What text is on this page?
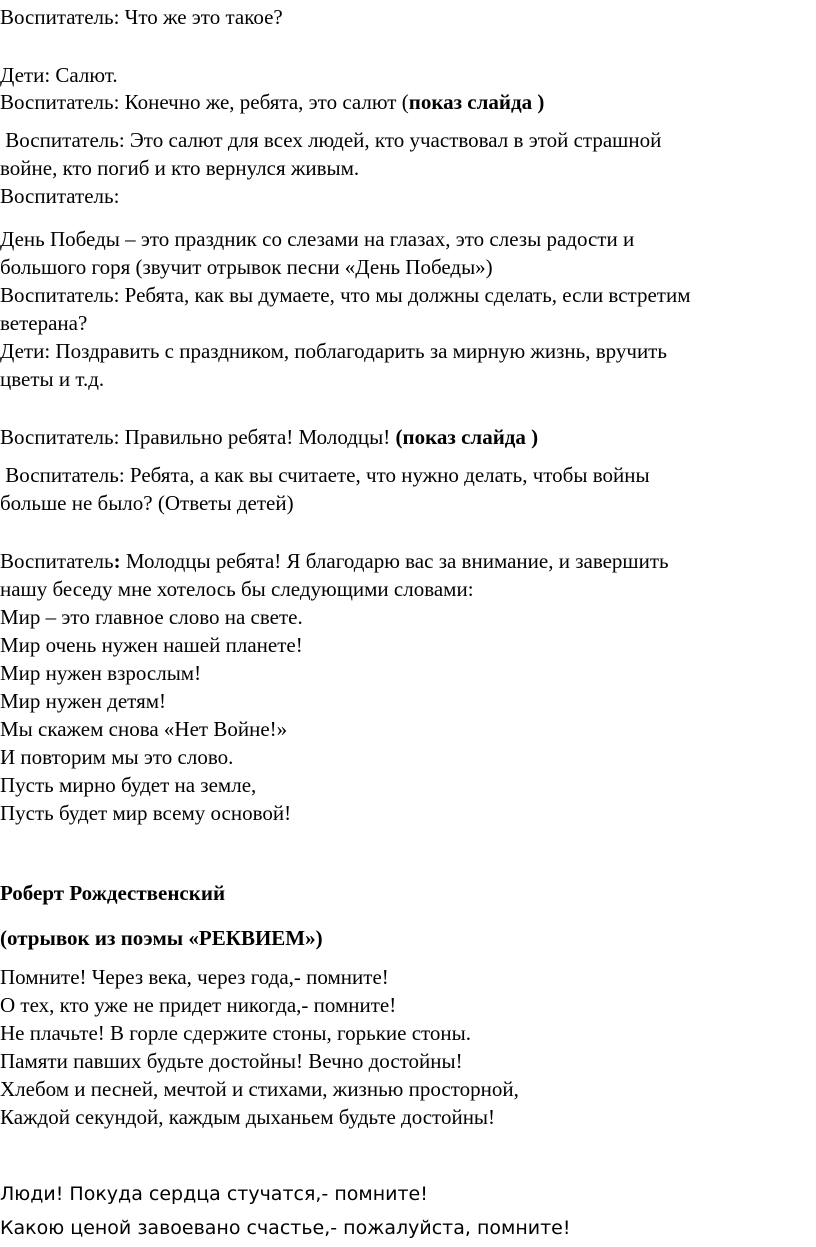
Воспитатель: Что же это такое?

Дети: Салют.

Воспитатель: Конечно же, ребята, это салют (показ слайда )

Воспитатель: Это салют для всех людей, кто участвовал в этой страшной

войне, кто погиб и кто вернулся живым.

Воспитатель:

День Победы – это праздник со слезами на глазах, это слезы радости и

большого горя (звучит отрывок песни «День Победы»)

Воспитатель: Ребята, как вы думаете, что мы должны сделать, если встретим

ветерана?

Дети: Поздравить с праздником, поблагодарить за мирную жизнь, вручить

цветы и т.д.

Воспитатель: Правильно ребята! Молодцы! (показ слайда )

Воспитатель: Ребята, а как вы считаете, что нужно делать, чтобы войны

больше не было? (Ответы детей)

Воспитатель: Молодцы ребята! Я благодарю вас за внимание, и завершить

нашу беседу мне хотелось бы следующими словами:

Мир – это главное слово на свете.

Мир очень нужен нашей планете!

Мир нужен взрослым!

Мир нужен детям!

Мы скажем снова «Нет Войне!»

И повторим мы это слово.

Пусть мирно будет на земле,

Пусть будет мир всему основой!

Роберт Рождественский

(отрывок из поэмы «РЕКВИЕМ»)

Помните! Через века, через года,- помните!

О тех, кто уже не придет никогда,- помните!

Не плачьте! В горле сдержите стоны, горькие стоны.

Памяти павших будьте достойны! Вечно достойны!

Хлебом и песней, мечтой и стихами, жизнью просторной,

Каждой секундой, каждым дыханьем будьте достойны!

Люди! Покуда сердца стучатся,- помните!

Какою ценой завоевано счастье,- пожалуйста, помните!
